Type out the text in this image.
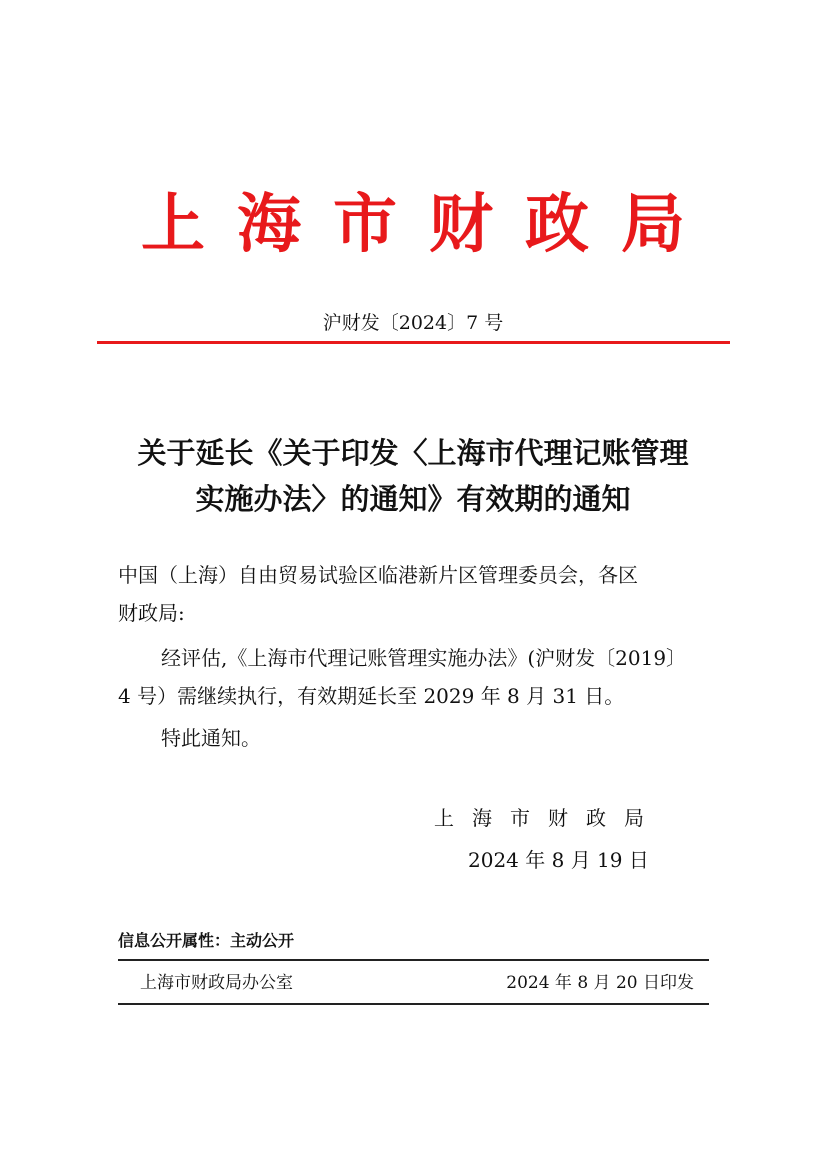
上海市财政局
沪财发〔2024〕7 号
关于延长《关于印发〈上海市代理记账管理
实施办法〉的通知》有效期的通知
中国（上海）自由贸易试验区临港新片区管理委员会，各区
财政局:
经评估,《上海市代理记账管理实施办法》(沪财发〔2019〕
4 号）需继续执行，有效期延长至 2029 年 8 月 31 日。
特此通知。
上海市财政局
2024 年 8 月 19 日
信息公开属性：主动公开
上海市财政局办公室	2024 年 8 月 20 日印发
